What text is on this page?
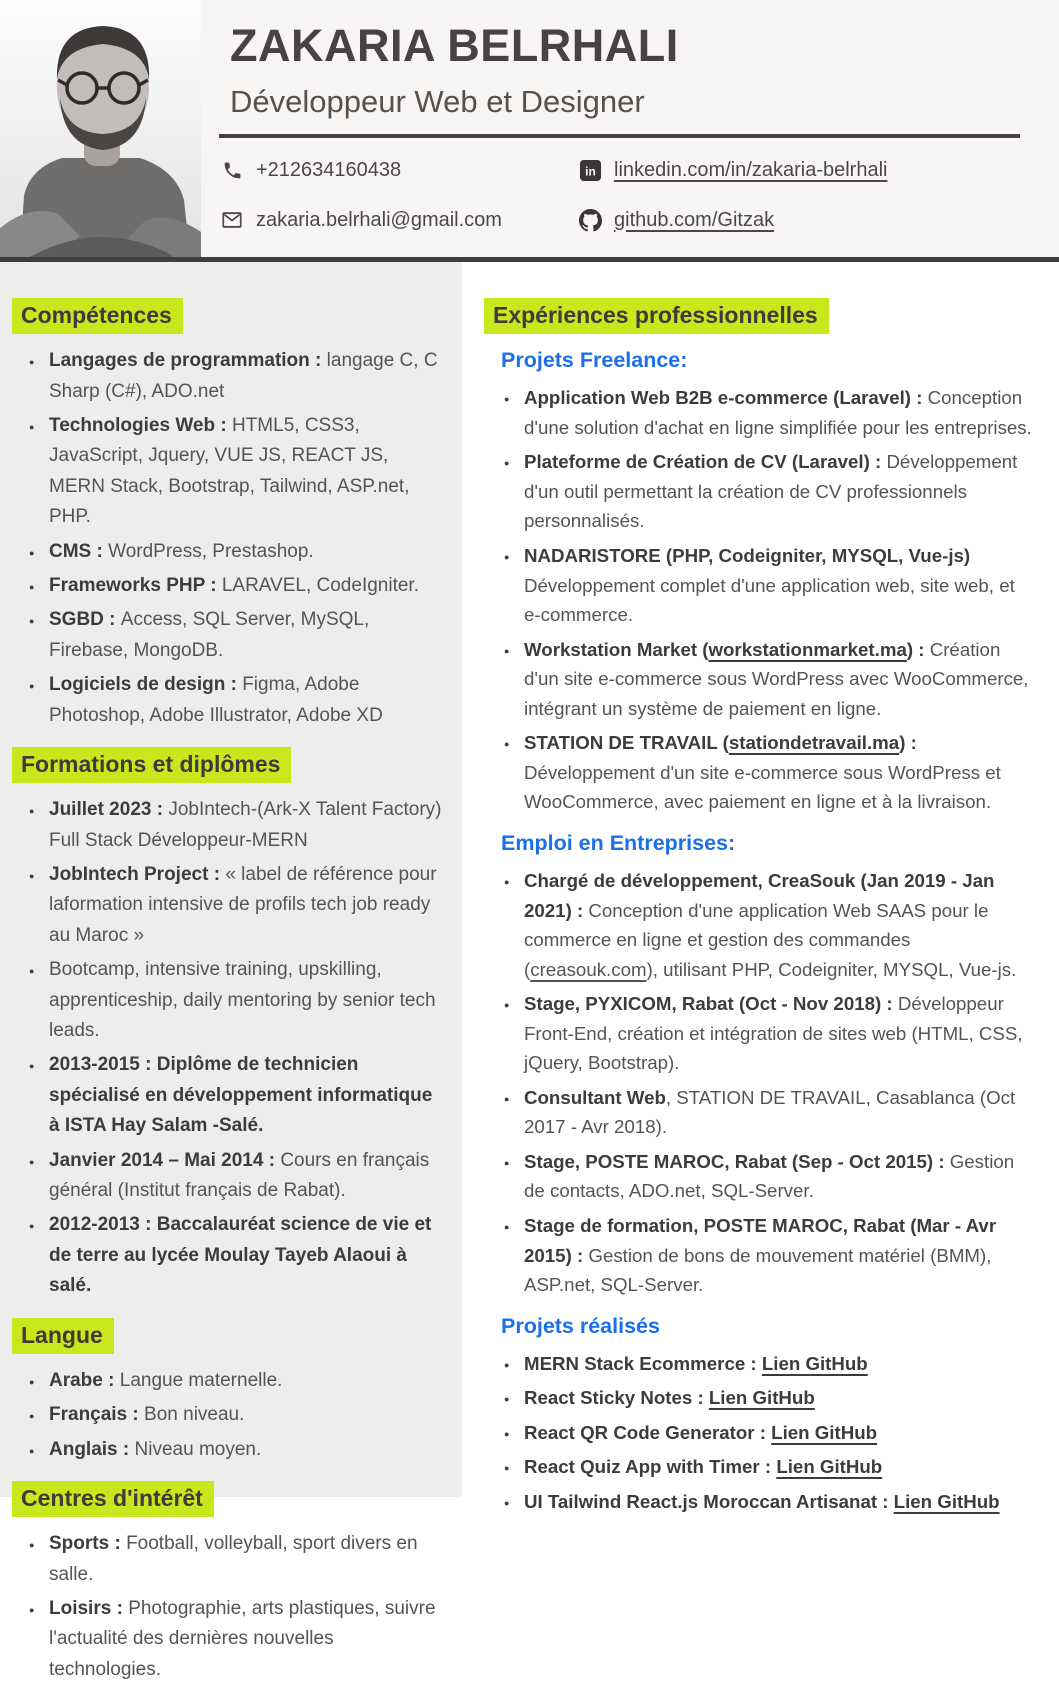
ZAKARIA BELRHALI
Développeur Web et Designer
+212634160438	in linkedin.com/in/zakaria-belrhali
zakaria.belrhali@gmail.com	github.com/Gitzak
Compétences
● Langages de programmation : langage C, C Sharp (C#), ADO.net
● Technologies Web : HTML5, CSS3, JavaScript, Jquery, VUE JS, REACT JS, MERN Stack, Bootstrap, Tailwind, ASP.net, PHP.
● CMS : WordPress, Prestashop.
● Frameworks PHP : LARAVEL, CodeIgniter.
● SGBD : Access, SQL Server, MySQL, Firebase, MongoDB.
● Logiciels de design : Figma, Adobe Photoshop, Adobe Illustrator, Adobe XD
Formations et diplômes
● Juillet 2023 : JobIntech-(Ark-X Talent Factory) Full Stack Développeur-MERN
● JobIntech Project : « label de référence pour laformation intensive de profils tech job ready au Maroc »
● Bootcamp, intensive training, upskilling, apprenticeship, daily mentoring by senior tech leads.
● 2013-2015 : Diplôme de technicien spécialisé en développement informatique à ISTA Hay Salam -Salé.
● Janvier 2014 – Mai 2014 : Cours en français général (Institut français de Rabat).
● 2012-2013 : Baccalauréat science de vie et de terre au lycée Moulay Tayeb Alaoui à salé.
Langue
● Arabe : Langue maternelle.
● Français : Bon niveau.
● Anglais : Niveau moyen.
Centres d'intérêt
● Sports : Football, volleyball, sport divers en salle.
● Loisirs : Photographie, arts plastiques, suivre l'actualité des dernières nouvelles technologies.
Expériences professionnelles
Projets Freelance:
● Application Web B2B e-commerce (Laravel) : Conception d'une solution d'achat en ligne simplifiée pour les entreprises.
● Plateforme de Création de CV (Laravel) : Développement d'un outil permettant la création de CV professionnels personnalisés.
● NADARISTORE (PHP, Codeigniter, MYSQL, Vue-js) Développement complet d'une application web, site web, et e-commerce.
● Workstation Market (workstationmarket.ma) : Création d'un site e-commerce sous WordPress avec WooCommerce, intégrant un système de paiement en ligne.
● STATION DE TRAVAIL (stationdetravail.ma) : Développement d'un site e-commerce sous WordPress et WooCommerce, avec paiement en ligne et à la livraison.
Emploi en Entreprises:
● Chargé de développement, CreaSouk (Jan 2019 - Jan 2021) : Conception d'une application Web SAAS pour le commerce en ligne et gestion des commandes (creasouk.com), utilisant PHP, Codeigniter, MYSQL, Vue-js.
● Stage, PYXICOM, Rabat (Oct - Nov 2018) : Développeur Front-End, création et intégration de sites web (HTML, CSS, jQuery, Bootstrap).
● Consultant Web, STATION DE TRAVAIL, Casablanca (Oct 2017 - Avr 2018).
● Stage, POSTE MAROC, Rabat (Sep - Oct 2015) : Gestion de contacts, ADO.net, SQL-Server.
● Stage de formation, POSTE MAROC, Rabat (Mar - Avr 2015) : Gestion de bons de mouvement matériel (BMM), ASP.net, SQL-Server.
Projets réalisés
● MERN Stack Ecommerce : Lien GitHub
● React Sticky Notes : Lien GitHub
● React QR Code Generator : Lien GitHub
● React Quiz App with Timer : Lien GitHub
● UI Tailwind React.js Moroccan Artisanat : Lien GitHub
